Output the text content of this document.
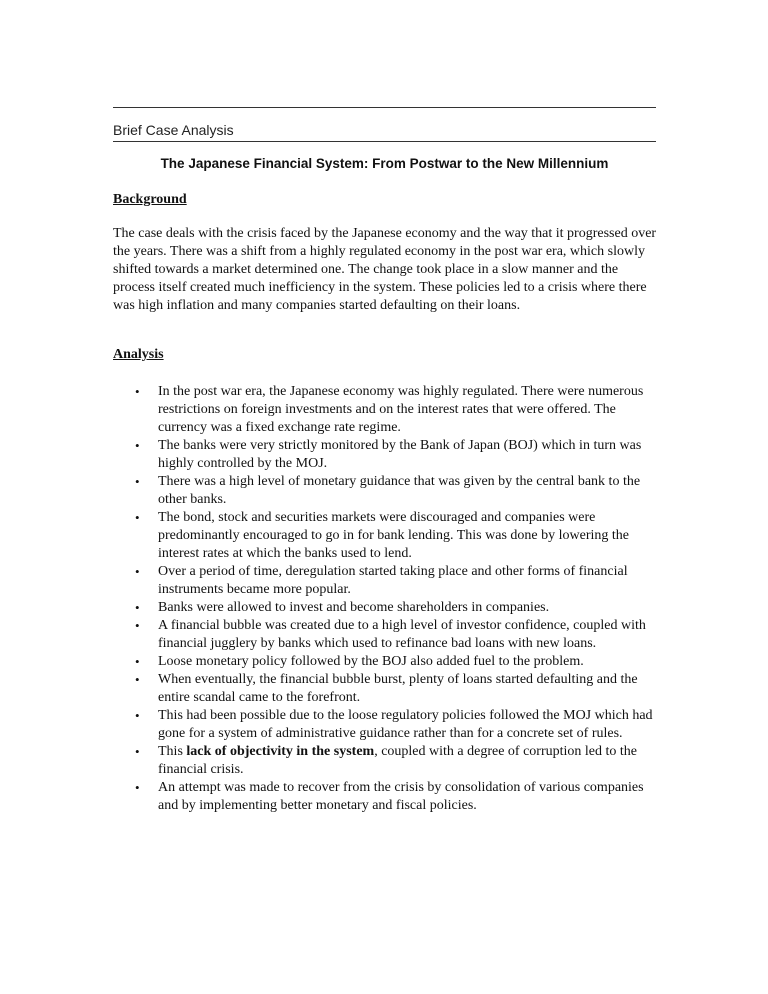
Brief Case Analysis
The Japanese Financial System: From Postwar to the New Millennium
Background

The case deals with the crisis faced by the Japanese economy and the way that it progressed over the years. There was a shift from a highly regulated economy in the post war era, which slowly shifted towards a market determined one. The change took place in a slow manner and the process itself created much inefficiency in the system. These policies led to a crisis where there was high inflation and many companies started defaulting on their loans.

Analysis
• In the post war era, the Japanese economy was highly regulated. There were numerous restrictions on foreign investments and on the interest rates that were offered. The currency was a fixed exchange rate regime.
• The banks were very strictly monitored by the Bank of Japan (BOJ) which in turn was highly controlled by the MOJ.
• There was a high level of monetary guidance that was given by the central bank to the other banks.
• The bond, stock and securities markets were discouraged and companies were predominantly encouraged to go in for bank lending. This was done by lowering the interest rates at which the banks used to lend.
• Over a period of time, deregulation started taking place and other forms of financial instruments became more popular.
• Banks were allowed to invest and become shareholders in companies.
• A financial bubble was created due to a high level of investor confidence, coupled with financial jugglery by banks which used to refinance bad loans with new loans.
• Loose monetary policy followed by the BOJ also added fuel to the problem.
• When eventually, the financial bubble burst, plenty of loans started defaulting and the entire scandal came to the forefront.
• This had been possible due to the loose regulatory policies followed the MOJ which had gone for a system of administrative guidance rather than for a concrete set of rules.
• This lack of objectivity in the system, coupled with a degree of corruption led to the financial crisis.
• An attempt was made to recover from the crisis by consolidation of various companies and by implementing better monetary and fiscal policies.
